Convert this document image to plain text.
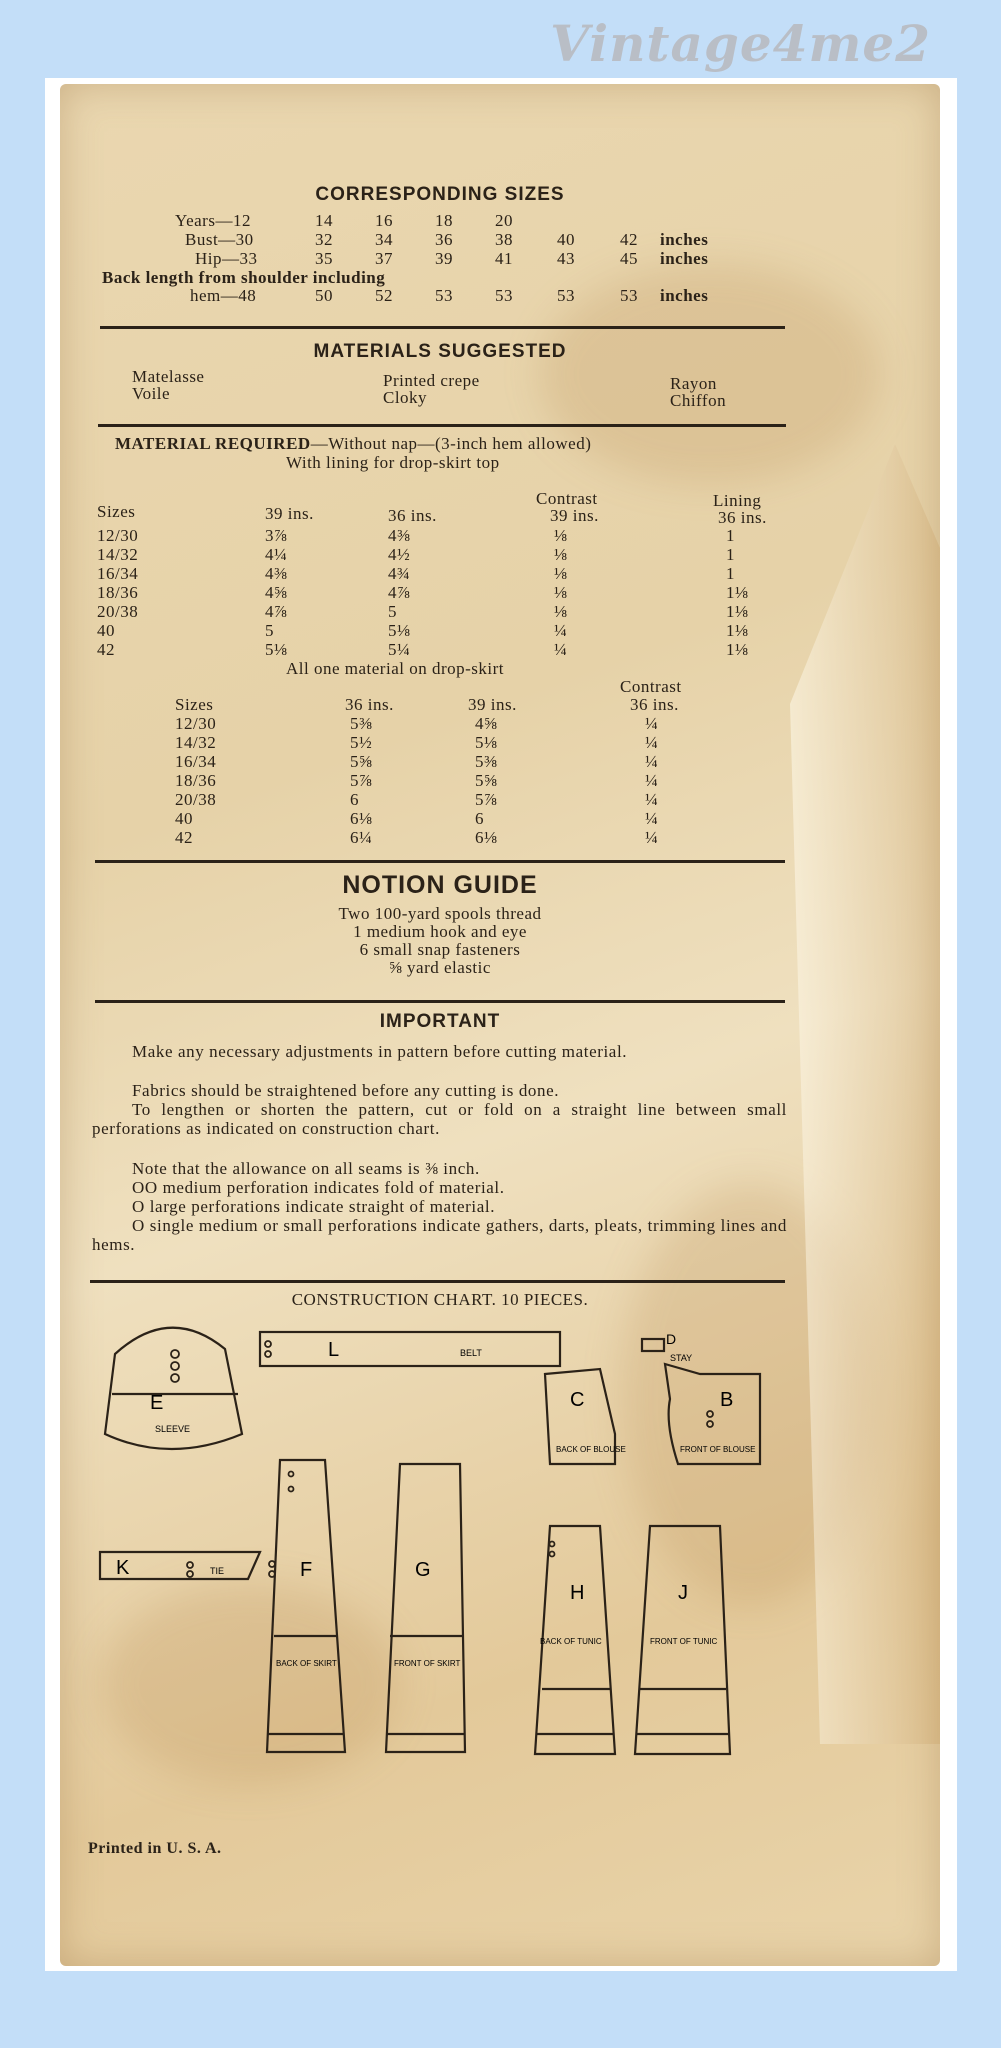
Vintage4me2
CORRESPONDING SIZES
Years—12	14 16 18 20
Bust—30	32 34 36 38	40	42 inches
Hip—33	35 37 39 41	43	45 inches
Back length from shoulder including
hem—48	50 52 53 53	53	53 inches
MATERIALS SUGGESTED
Matelasse
Voile
Printed crepe
Cloky
Rayon
Chiffon
MATERIAL REQUIRED—Without nap—(3-inch hem allowed)
With lining for drop-skirt top
Contrast	Lining
Sizes	39 ins.	36 ins.	39 ins.	36 ins.
12/30	3⅞	4⅜	⅛	1
14/32	4¼	4½	⅛	1
16/34	4⅜	4¾	⅛	1
18/36	4⅝	4⅞	⅛	1⅛
20/38	4⅞	5	⅛	1⅛
40	5	5⅛	¼	1⅛
42	5⅛	5¼	¼	1⅛
All one material on drop-skirt
Contrast
Sizes	36 ins.	39 ins.	36 ins.
12/30	5⅜	4⅝	¼
14/32	5½	5⅛	¼
16/34	5⅝	5⅜	¼
18/36	5⅞	5⅝	¼
20/38	6	5⅞	¼
40	6⅛	6	¼
42	6¼	6⅛	¼
NOTION GUIDE
Two 100-yard spools thread
1 medium hook and eye
6 small snap fasteners
⅝ yard elastic
IMPORTANT
Make any necessary adjustments in pattern before cutting material.
Fabrics should be straightened before any cutting is done.
To lengthen or shorten the pattern, cut or fold on a straight line between small perforations as indicated on construction chart.
Note that the allowance on all seams is ⅜ inch.
OO medium perforation indicates fold of material.
O large perforations indicate straight of material.
O single medium or small perforations indicate gathers, darts, pleats, trimming lines and hems.
CONSTRUCTION CHART. 10 PIECES.
E
SLEEVE
L	BELT
D
STAY
C
BACK OF BLOUSE
B
FRONT OF BLOUSE
K	TIE	F
BACK OF SKIRT
G
FRONT OF SKIRT
H
BACK OF TUNIC
J
FRONT OF TUNIC
Printed in U. S. A.
